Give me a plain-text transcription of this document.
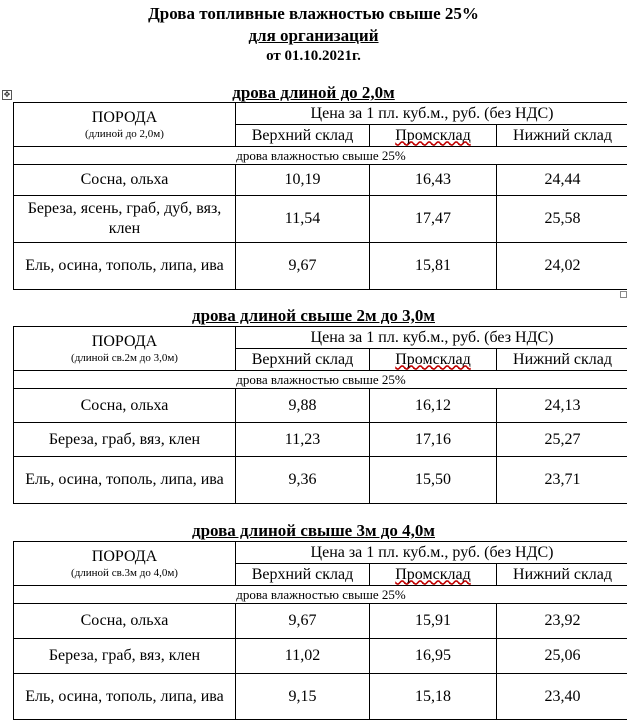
Дрова топливные влажностью свыше 25%
для организаций
от 01.10.2021г.
✥	дрова длиной до 2,0м
ПОРОДА
(длиной до 2,0м)	Цена за 1 пл. куб.м., руб. (без НДС)		
	Верхний склад	Промсклад	Нижний склад
дрова влажностью свыше 25%			
Сосна, ольха	10,19	16,43	24,44
Береза, ясень, граб, дуб, вяз, клен	11,54	17,47	25,58
Ель, осина, тополь, липа, ива	9,67	15,81	24,02
дрова длиной свыше 2м до 3,0м
ПОРОДА
(длиной св.2м до 3,0м)	Цена за 1 пл. куб.м., руб. (без НДС)		
	Верхний склад	Промсклад	Нижний склад
дрова влажностью свыше 25%			
Сосна, ольха	9,88	16,12	24,13
Береза, граб, вяз, клен	11,23	17,16	25,27
Ель, осина, тополь, липа, ива	9,36	15,50	23,71
дрова длиной свыше 3м до 4,0м
ПОРОДА
(длиной св.3м до 4,0м)	Цена за 1 пл. куб.м., руб. (без НДС)		
	Верхний склад	Промсклад	Нижний склад
дрова влажностью свыше 25%			
Сосна, ольха	9,67	15,91	23,92
Береза, граб, вяз, клен	11,02	16,95	25,06
Ель, осина, тополь, липа, ива	9,15	15,18	23,40
